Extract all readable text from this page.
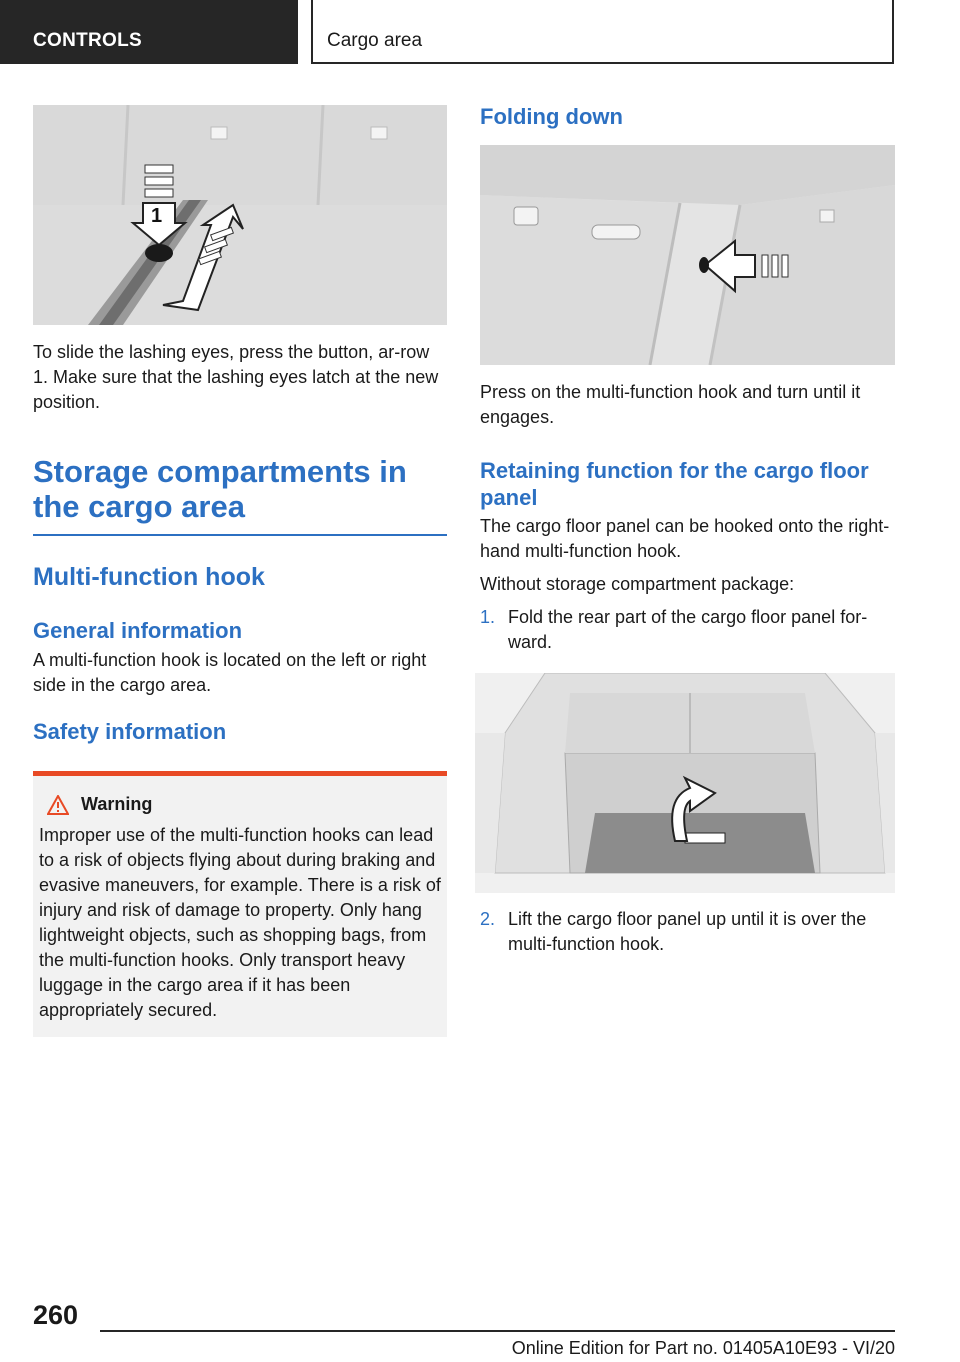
CONTROLS	Cargo area
1

To slide the lashing eyes, press the button, ar-row 1. Make sure that the lashing eyes latch at the new position.

Storage compartments in the cargo area
Multi-function hook
General information

A multi-function hook is located on the left or right side in the cargo area.

Safety information
Warning

Improper use of the multi-function hooks can lead to a risk of objects flying about during braking and evasive maneuvers, for example. There is a risk of injury and risk of damage to property. Only hang lightweight objects, such as shopping bags, from the multi-function hooks. Only transport heavy luggage in the cargo area if it has been appropriately secured.

Folding down

Press on the multi-function hook and turn until it engages.

Retaining function for the cargo floor panel

The cargo floor panel can be hooked onto the right-hand multi-function hook.

Without storage compartment package:

1. Fold the rear part of the cargo floor panel for-ward.
2. Lift the cargo floor panel up until it is over the multi-function hook.
260
Online Edition for Part no. 01405A10E93 - VI/20
